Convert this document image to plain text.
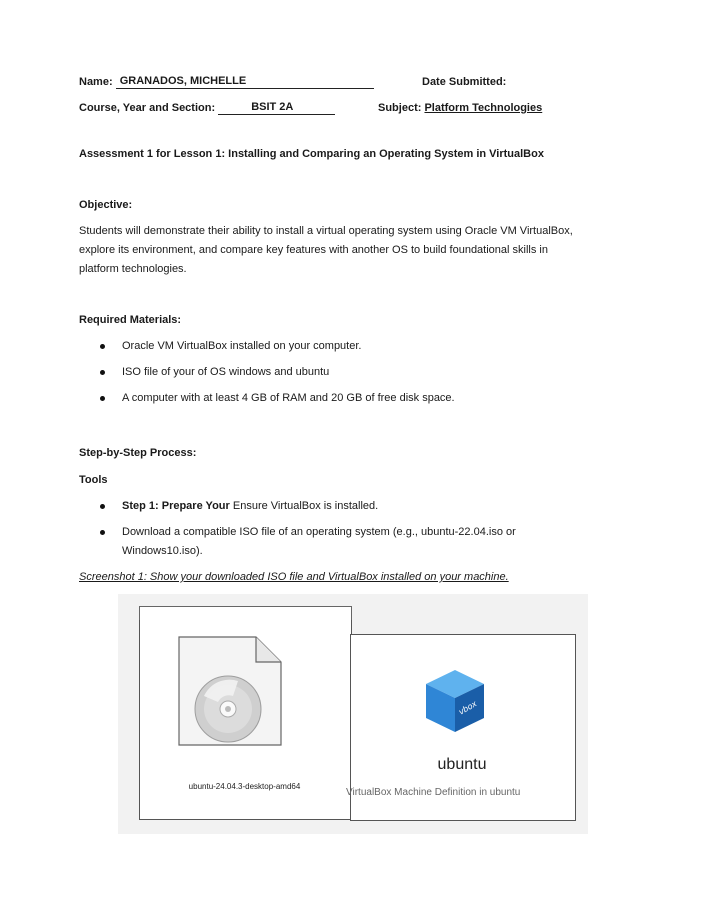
Name: GRANADOS, MICHELLE	Date Submitted:
Course, Year and Section:	BSIT 2A	Subject: Platform Technologies
Assessment 1 for Lesson 1: Installing and Comparing an Operating System in VirtualBox
Objective:
Students will demonstrate their ability to install a virtual operating system using Oracle VM VirtualBox,
explore its environment, and compare key features with another OS to build foundational skills in
platform technologies.
Required Materials:
Oracle VM VirtualBox installed on your computer.
ISO file of your of OS windows and ubuntu
A computer with at least 4 GB of RAM and 20 GB of free disk space.
Step-by-Step Process:
Tools
Step 1: Prepare Your Ensure VirtualBox is installed.
Download a compatible ISO file of an operating system (e.g., ubuntu-22.04.iso or
Windows10.iso).
Screenshot 1: Show your downloaded ISO file and VirtualBox installed on your machine.
ubuntu-24.04.3-desktop-amd64
vbox
ubuntu
VirtualBox Machine Definition in ubuntu
